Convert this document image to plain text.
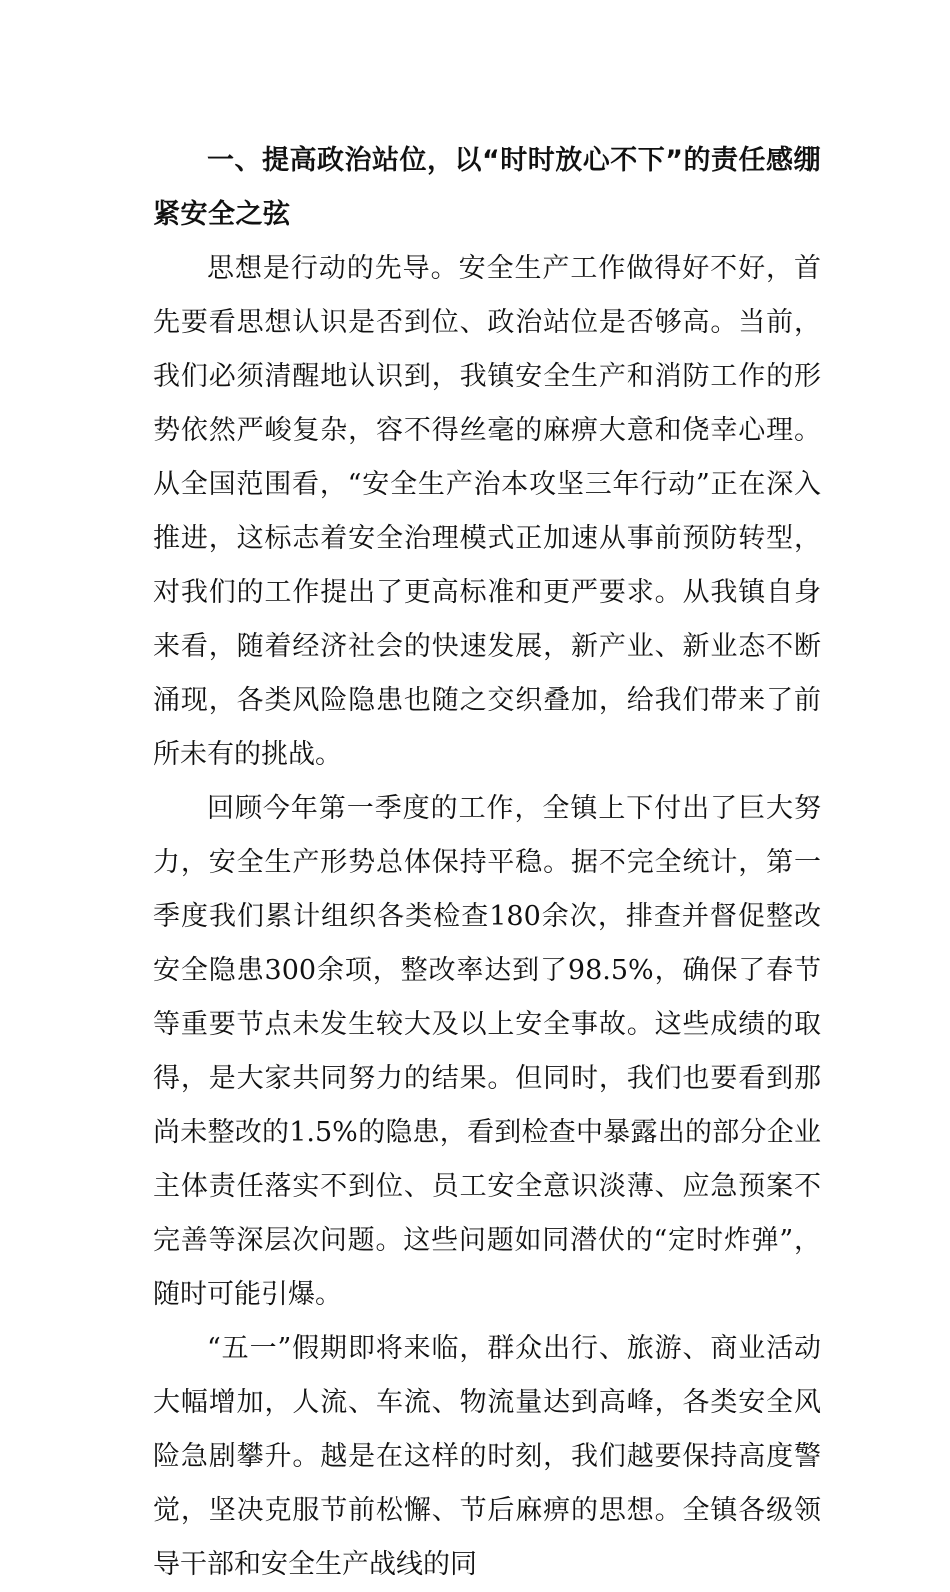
一、提高政治站位，以“时时放心不下”的责任感绷紧安全之弦

思想是行动的先导。安全生产工作做得好不好，首先要看思想认识是否到位、政治站位是否够高。当前，我们必须清醒地认识到，我镇安全生产和消防工作的形势依然严峻复杂，容不得丝毫的麻痹大意和侥幸心理。从全国范围看，“安全生产治本攻坚三年行动”正在深入推进，这标志着安全治理模式正加速从事前预防转型，对我们的工作提出了更高标准和更严要求。从我镇自身来看，随着经济社会的快速发展，新产业、新业态不断涌现，各类风险隐患也随之交织叠加，给我们带来了前所未有的挑战。

回顾今年第一季度的工作，全镇上下付出了巨大努力，安全生产形势总体保持平稳。据不完全统计，第一季度我们累计组织各类检查180余次，排查并督促整改安全隐患300余项，整改率达到了98.5%，确保了春节等重要节点未发生较大及以上安全事故。这些成绩的取得，是大家共同努力的结果。但同时，我们也要看到那尚未整改的1.5%的隐患，看到检查中暴露出的部分企业主体责任落实不到位、员工安全意识淡薄、应急预案不完善等深层次问题。这些问题如同潜伏的“定时炸弹”，随时可能引爆。

“五一”假期即将来临，群众出行、旅游、商业活动大幅增加，人流、车流、物流量达到高峰，各类安全风险急剧攀升。越是在这样的时刻，我们越要保持高度警觉，坚决克服节前松懈、节后麻痹的思想。全镇各级领导干部和安全生产战线的同
